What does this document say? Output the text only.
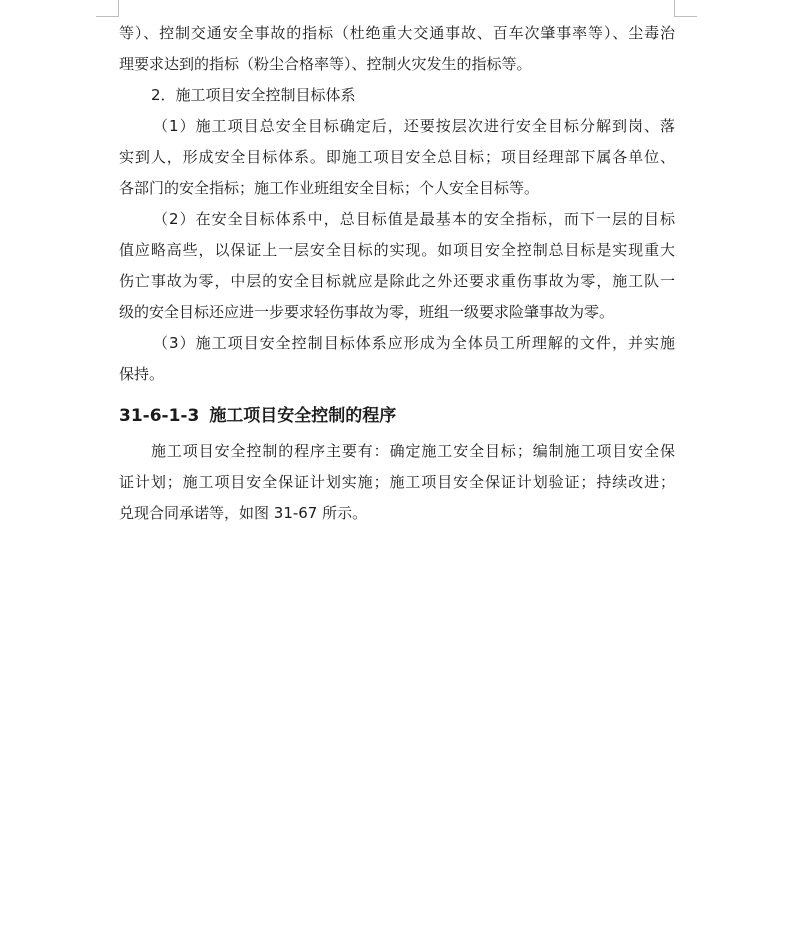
等）、控制交通安全事故的指标（杜绝重大交通事故、百车次肇事率等）、尘毒治
理要求达到的指标（粉尘合格率等）、控制火灾发生的指标等。
2．施工项目安全控制目标体系
（1）施工项目总安全目标确定后，还要按层次进行安全目标分解到岗、落
实到人，形成安全目标体系。即施工项目安全总目标；项目经理部下属各单位、
各部门的安全指标；施工作业班组安全目标；个人安全目标等。
（2）在安全目标体系中，总目标值是最基本的安全指标，而下一层的目标
值应略高些，以保证上一层安全目标的实现。如项目安全控制总目标是实现重大
伤亡事故为零，中层的安全目标就应是除此之外还要求重伤事故为零，施工队一
级的安全目标还应进一步要求轻伤事故为零，班组一级要求险肇事故为零。
（3）施工项目安全控制目标体系应形成为全体员工所理解的文件，并实施
保持。
31-6-1-3 施工项目安全控制的程序
施工项目安全控制的程序主要有：确定施工安全目标；编制施工项目安全保
证计划；施工项目安全保证计划实施；施工项目安全保证计划验证；持续改进；
兑现合同承诺等，如图 31-67 所示。
